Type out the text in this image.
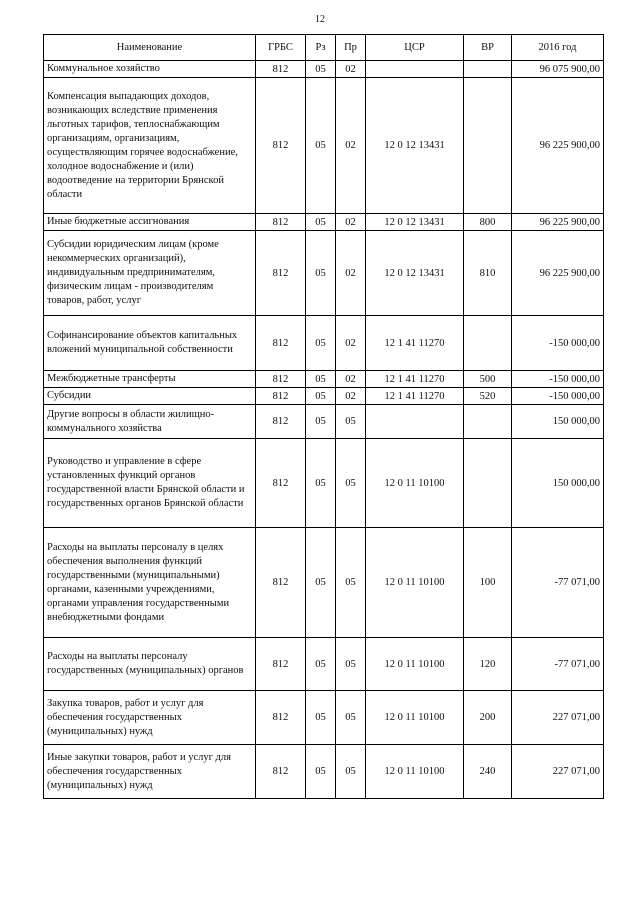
12
Наименование	ГРБС	Рз	Пр	ЦСР	ВР	2016 год
Коммунальное хозяйство	812	05	02			96 075 900,00
Компенсация выпадающих доходов, возникающих вследствие применения льготных тарифов, теплоснабжающим организациям, организациям, осуществляющим горячее водоснабжение, холодное водоснабжение и (или) водоотведение на территории Брянской области	812	05	02	12 0 12 13431		96 225 900,00
Иные бюджетные ассигнования	812	05	02	12 0 12 13431	800	96 225 900,00
Субсидии юридическим лицам (кроме некоммерческих организаций), индивидуальным предпринимателям, физическим лицам - производителям товаров, работ, услуг	812	05	02	12 0 12 13431	810	96 225 900,00
Софинансирование объектов капитальных вложений муниципальной собственности	812	05	02	12 1 41 11270		-150 000,00
Межбюджетные трансферты	812	05	02	12 1 41 11270	500	-150 000,00
Субсидии	812	05	02	12 1 41 11270	520	-150 000,00
Другие вопросы в области жилищно-коммунального хозяйства	812	05	05			150 000,00
Руководство и управление в сфере установленных функций органов государственной власти Брянской области и государственных органов Брянской области	812	05	05	12 0 11 10100		150 000,00
Расходы на выплаты персоналу в целях обеспечения выполнения функций государственными (муниципальными) органами, казенными учреждениями, органами управления государственными внебюджетными фондами	812	05	05	12 0 11 10100	100	-77 071,00
Расходы на выплаты персоналу государственных (муниципальных) органов	812	05	05	12 0 11 10100	120	-77 071,00
Закупка товаров, работ и услуг для обеспечения государственных (муниципальных) нужд	812	05	05	12 0 11 10100	200	227 071,00
Иные закупки товаров, работ и услуг для обеспечения государственных (муниципальных) нужд	812	05	05	12 0 11 10100	240	227 071,00
